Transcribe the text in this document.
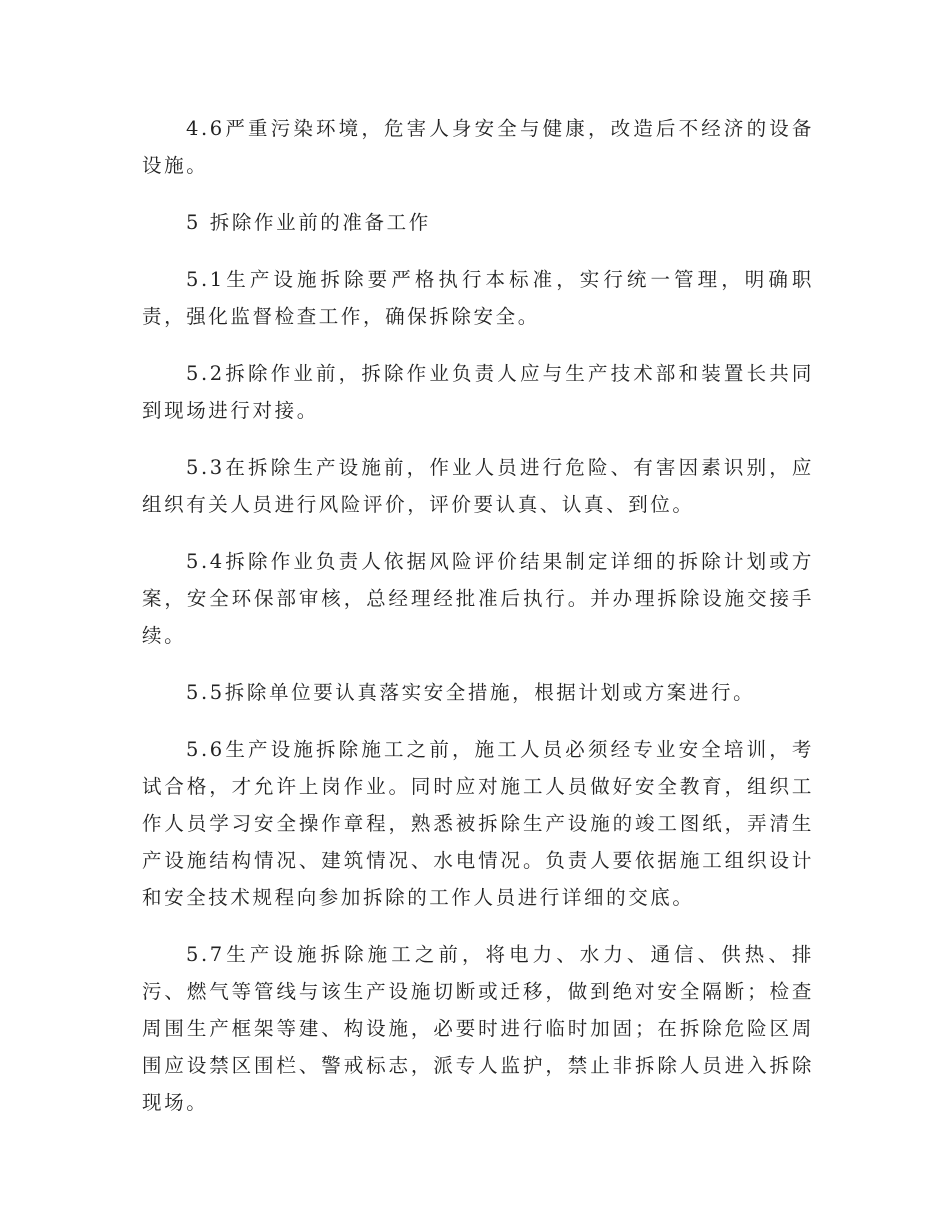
4.6严重污染环境，危害人身安全与健康，改造后不经济的设备设施。

5 拆除作业前的准备工作

5.1生产设施拆除要严格执行本标准，实行统一管理，明确职责，强化监督检查工作，确保拆除安全。

5.2拆除作业前，拆除作业负责人应与生产技术部和装置长共同到现场进行对接。

5.3在拆除生产设施前，作业人员进行危险、有害因素识别，应组织有关人员进行风险评价，评价要认真、认真、到位。

5.4拆除作业负责人依据风险评价结果制定详细的拆除计划或方案，安全环保部审核，总经理经批准后执行。并办理拆除设施交接手续。

5.5拆除单位要认真落实安全措施，根据计划或方案进行。

5.6生产设施拆除施工之前，施工人员必须经专业安全培训，考试合格，才允许上岗作业。同时应对施工人员做好安全教育，组织工作人员学习安全操作章程，熟悉被拆除生产设施的竣工图纸，弄清生产设施结构情况、建筑情况、水电情况。负责人要依据施工组织设计和安全技术规程向参加拆除的工作人员进行详细的交底。

5.7生产设施拆除施工之前，将电力、水力、通信、供热、排污、燃气等管线与该生产设施切断或迁移，做到绝对安全隔断；检查周围生产框架等建、构设施，必要时进行临时加固；在拆除危险区周围应设禁区围栏、警戒标志，派专人监护，禁止非拆除人员进入拆除现场。
